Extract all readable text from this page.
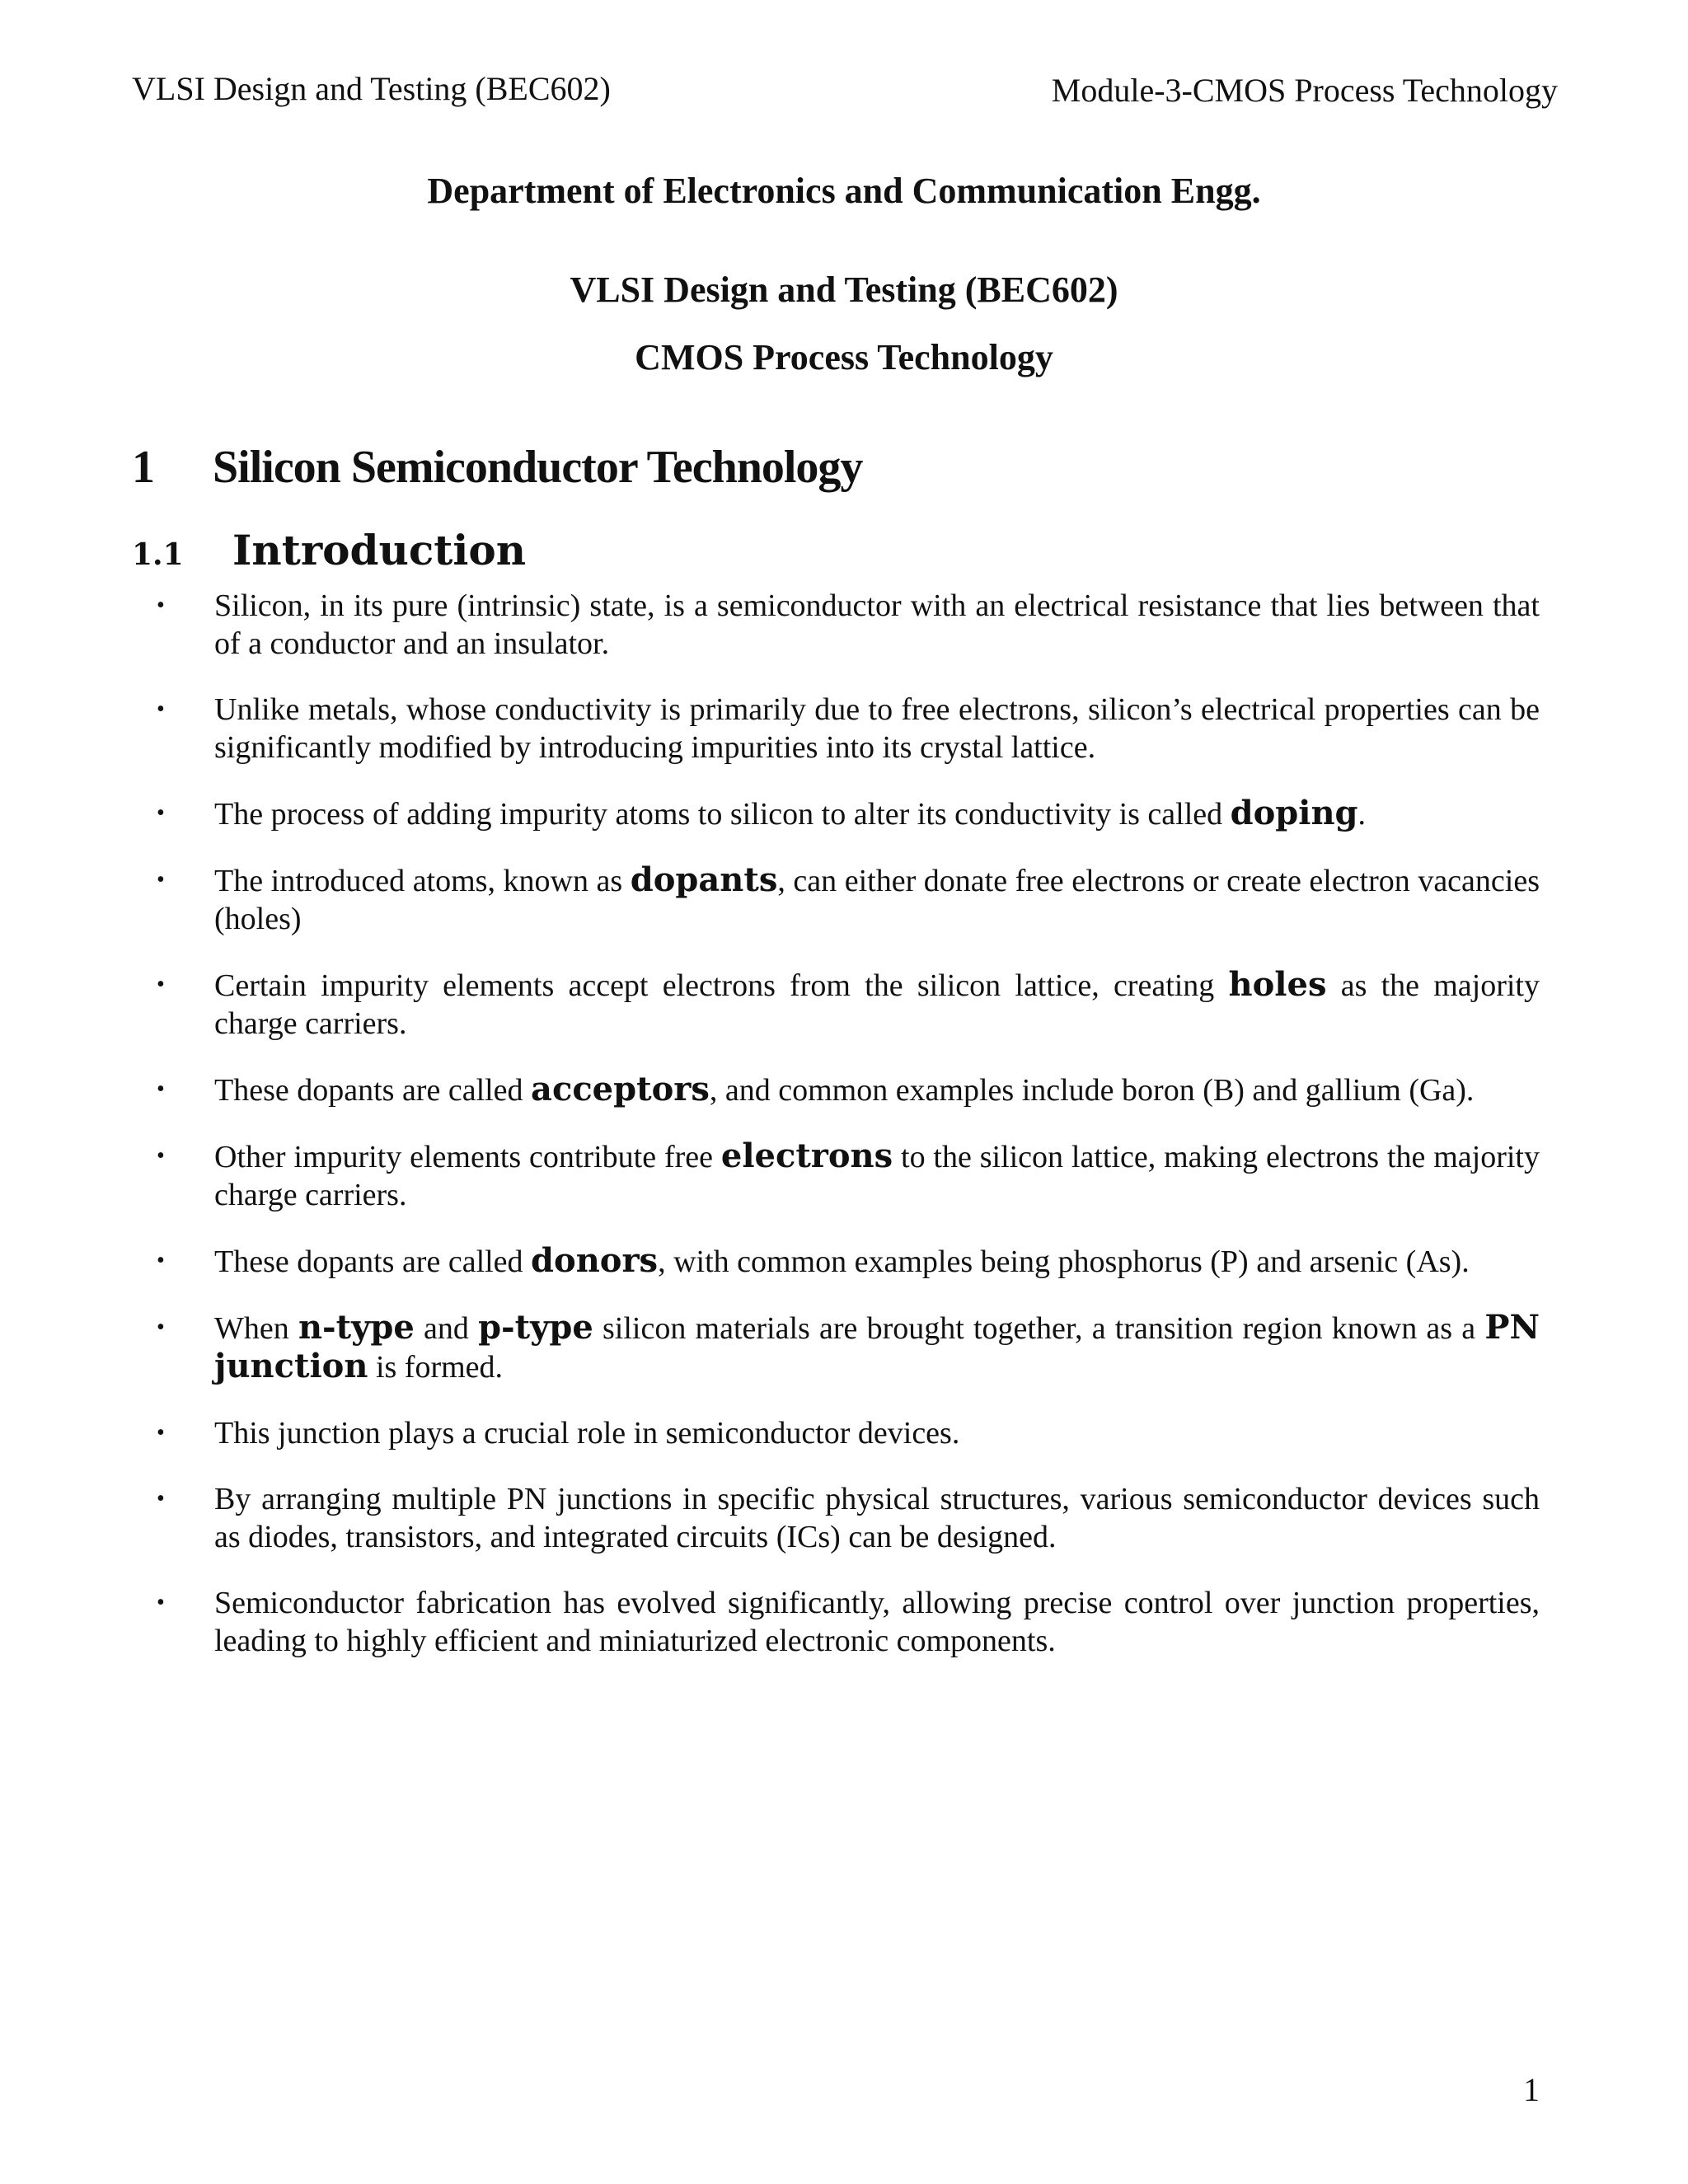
VLSI Design and Testing (BEC602)	Module-3-CMOS Process Technology
Department of Electronics and Communication Engg.
VLSI Design and Testing (BEC602)
CMOS Process Technology
1 Silicon Semiconductor Technology
1.1 Introduction
• Silicon, in its pure (intrinsic) state, is a semiconductor with an electrical resistance that lies between that of a conductor and an insulator.
• Unlike metals, whose conductivity is primarily due to free electrons, silicon’s electrical properties can be significantly modified by introducing impurities into its crystal lattice.
• The process of adding impurity atoms to silicon to alter its conductivity is called doping.
• The introduced atoms, known as dopants, can either donate free electrons or create electron vacancies (holes)
• Certain impurity elements accept electrons from the silicon lattice, creating holes as the majority charge carriers.
• These dopants are called acceptors, and common examples include boron (B) and gallium (Ga).
• Other impurity elements contribute free electrons to the silicon lattice, making electrons the majority charge carriers.
• These dopants are called donors, with common examples being phosphorus (P) and arsenic (As).
• When n-type and p-type silicon materials are brought together, a transition region known as a PN junction is formed.
• This junction plays a crucial role in semiconductor devices.
• By arranging multiple PN junctions in specific physical structures, various semiconductor devices such as diodes, transistors, and integrated circuits (ICs) can be designed.
• Semiconductor fabrication has evolved significantly, allowing precise control over junction properties, leading to highly efficient and miniaturized electronic components.
1
